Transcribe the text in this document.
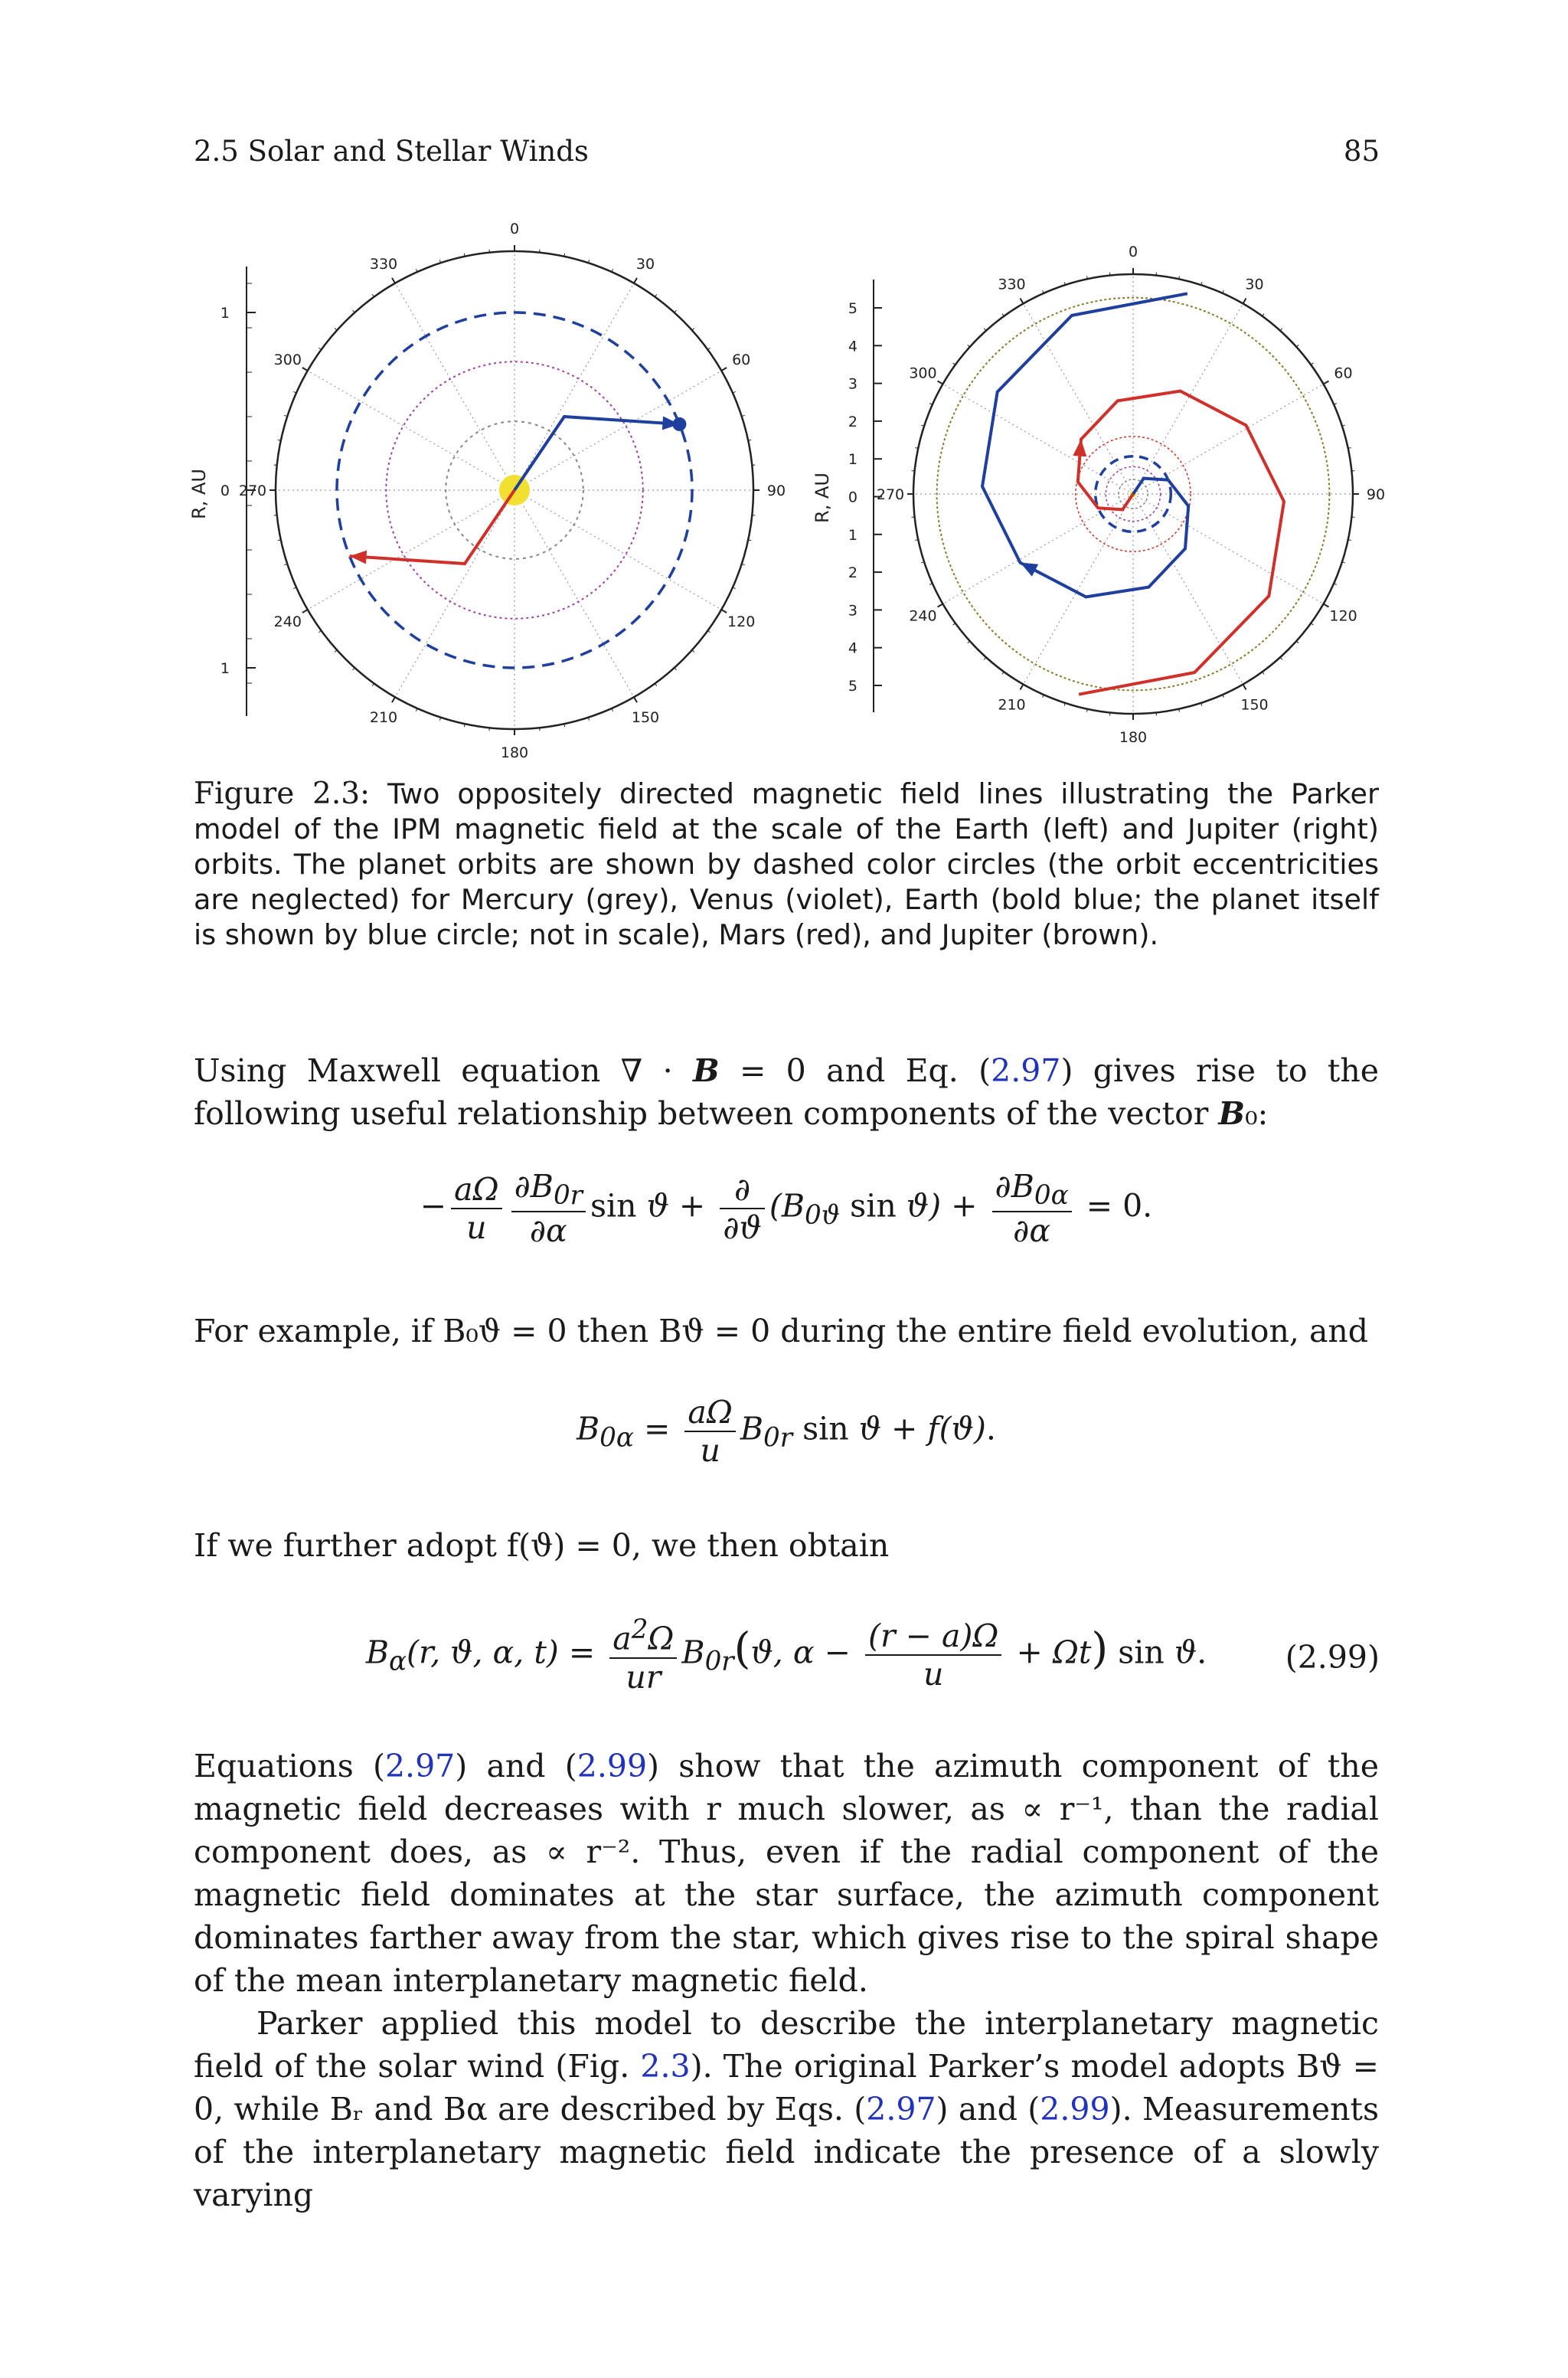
2.5 Solar and Stellar Winds	85
0
30
60
90
120
150
180
210
240
270
300
330
1
0
1
R, AU
0
30
60
90
120
150
180
210
240
270
300
330
5
4
3
2
1
0
1
2
3
4
5
R, AU
Figure 2.3: Two oppositely directed magnetic field lines illustrating the Parker model of the IPM magnetic field at the scale of the Earth (left) and Jupiter (right) orbits. The planet orbits are shown by dashed color circles (the orbit eccentricities are neglected) for Mercury (grey), Venus (violet), Earth (bold blue; the planet itself is shown by blue circle; not in scale), Mars (red), and Jupiter (brown).
Using Maxwell equation ∇ · B = 0 and Eq. (2.97) gives rise to the following useful relationship between components of the vector B₀:
− $\frac{a\Omega}{u} \frac{\partial B_{0r}}{\partial\alpha}$ $\sin ϑ + \frac{\partial}{\partial ϑ} (B_{0ϑ}$ $\sin ϑ) + \frac{\partial B_{0\alpha}}{\partial\alpha} = 0$.
For example, if B₀ϑ = 0 then Bϑ = 0 during the entire field evolution, and
$B_{0\alpha} = \frac{a\Omega}{u} B_{0r}$ sin ϑ + f(ϑ).
If we further adopt f(ϑ) = 0, we then obtain
$B_\alpha(r$, ϑ, α, $t) = \frac{a^2\Omega}{ur} B_{0r}(ϑ$, $\alpha - \frac{(r - a)\Omega}{u} + \Omega t$) sin ϑ.	(2.99)
Equations (2.97) and (2.99) show that the azimuth component of the magnetic field decreases with r much slower, as ∝ r⁻¹, than the radial component does, as ∝ r⁻². Thus, even if the radial component of the magnetic field dominates at the star surface, the azimuth component dominates farther away from the star, which gives rise to the spiral shape of the mean interplanetary magnetic field.
Parker applied this model to describe the interplanetary magnetic field of the solar wind (Fig. 2.3). The original Parker’s model adopts Bϑ = 0, while Bᵣ and Bα are described by Eqs. (2.97) and (2.99). Measurements of the interplanetary magnetic field indicate the presence of a slowly varying
